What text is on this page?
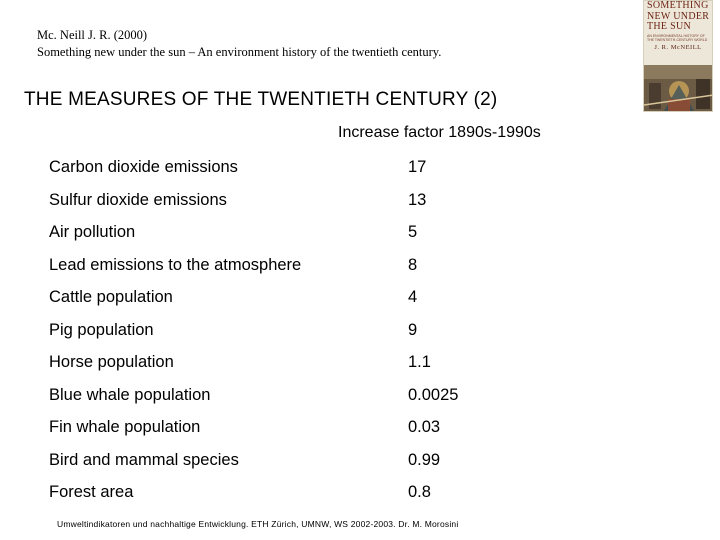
Mc. Neill J. R. (2000)
Something new under the sun – An environment history of the twentieth century.
SOMETHING
NEW UNDER
THE SUN
AN ENVIRONMENTAL HISTORY OF THE TWENTIETH-CENTURY WORLD
J. R. McNEILL
THE MEASURES OF THE TWENTIETH CENTURY (2)
Increase factor 1890s-1990s
Carbon dioxide emissions	17
Sulfur dioxide emissions	13
Air pollution	5
Lead emissions to the atmosphere	8
Cattle population	4
Pig population	9
Horse population	1.1
Blue whale population	0.0025
Fin whale population	0.03
Bird and mammal species	0.99
Forest area	0.8
Umweltindikatoren und nachhaltige Entwicklung. ETH Zürich, UMNW, WS 2002-2003. Dr. M. Morosini
